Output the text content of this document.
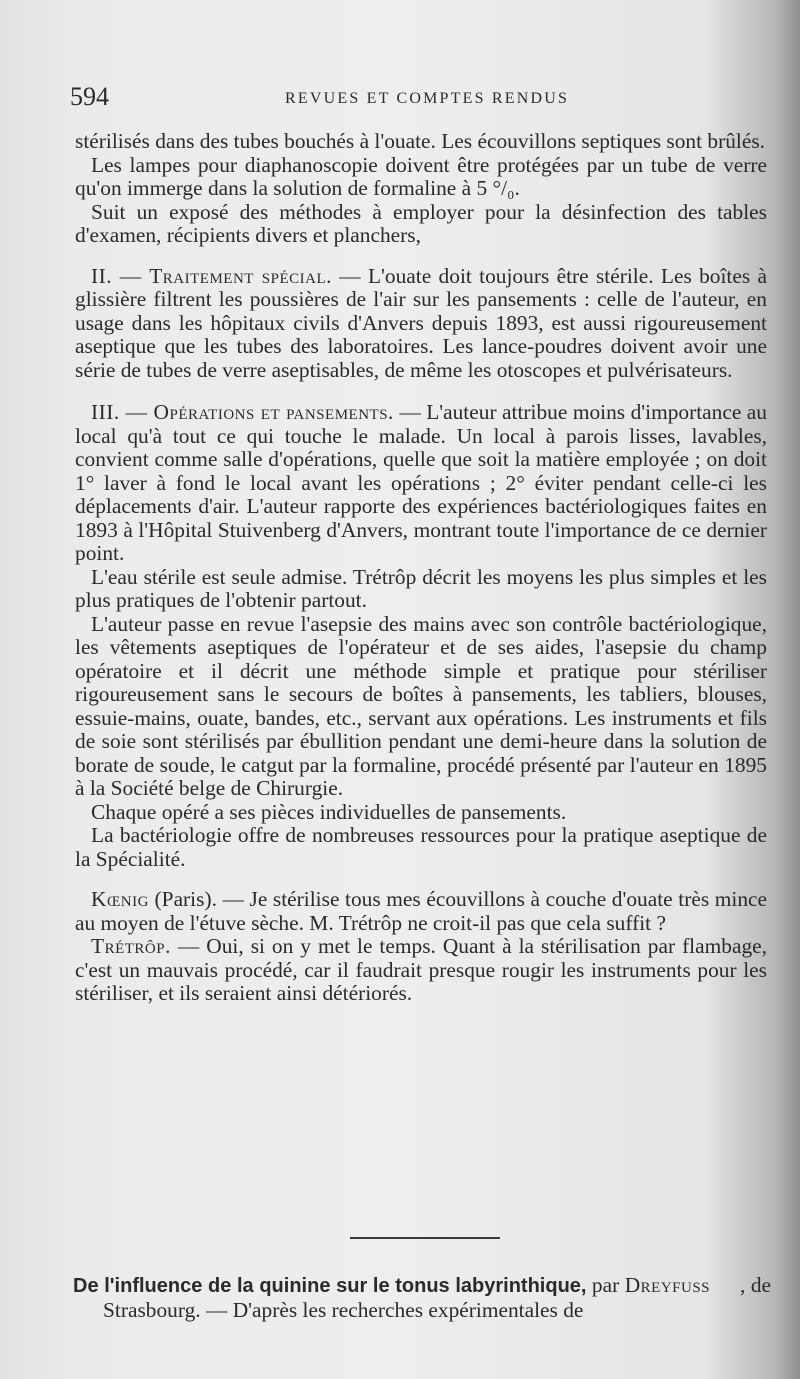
594	REVUES ET COMPTES RENDUS

stérilisés dans des tubes bouchés à l'ouate. Les écouvillons septiques sont brûlés.

Les lampes pour diaphanoscopie doivent être protégées par un tube de verre qu'on immerge dans la solution de formaline à 5 °/₀.

Suit un exposé des méthodes à employer pour la désinfection des tables d'examen, récipients divers et planchers,

II. — Traitement spécial. — L'ouate doit toujours être stérile. Les boîtes à glissière filtrent les poussières de l'air sur les pansements : celle de l'auteur, en usage dans les hôpitaux civils d'Anvers depuis 1893, est aussi rigoureusement aseptique que les tubes des laboratoires. Les lance-poudres doivent avoir une série de tubes de verre aseptisables, de même les otoscopes et pulvérisateurs.

III. — Opérations et pansements. — L'auteur attribue moins d'importance au local qu'à tout ce qui touche le malade. Un local à parois lisses, lavables, convient comme salle d'opérations, quelle que soit la matière employée ; on doit 1° laver à fond le local avant les opérations ; 2° éviter pendant celle-ci les déplacements d'air. L'auteur rapporte des expériences bactériologiques faites en 1893 à l'Hôpital Stuivenberg d'Anvers, montrant toute l'importance de ce dernier point.

L'eau stérile est seule admise. Trétrôp décrit les moyens les plus simples et les plus pratiques de l'obtenir partout.

L'auteur passe en revue l'asepsie des mains avec son contrôle bactériologique, les vêtements aseptiques de l'opérateur et de ses aides, l'asepsie du champ opératoire et il décrit une méthode simple et pratique pour stériliser rigoureusement sans le secours de boîtes à pansements, les tabliers, blouses, essuie-mains, ouate, bandes, etc., servant aux opérations. Les instruments et fils de soie sont stérilisés par ébullition pendant une demi-heure dans la solution de borate de soude, le catgut par la formaline, procédé présenté par l'auteur en 1895 à la Société belge de Chirurgie.

Chaque opéré a ses pièces individuelles de pansements.

La bactériologie offre de nombreuses ressources pour la pratique aseptique de la Spécialité.

Kœnig (Paris). — Je stérilise tous mes écouvillons à couche d'ouate très mince au moyen de l'étuve sèche. M. Trétrôp ne croit-il pas que cela suffit ?

Trétrôp. — Oui, si on y met le temps. Quant à la stérilisation par flambage, c'est un mauvais procédé, car il faudrait presque rougir les instruments pour les stériliser, et ils seraient ainsi détériorés.

De l'influence de la quinine sur le tonus labyrinthique, par Dreyfuss , de Strasbourg. — D'après les recherches expérimentales de
